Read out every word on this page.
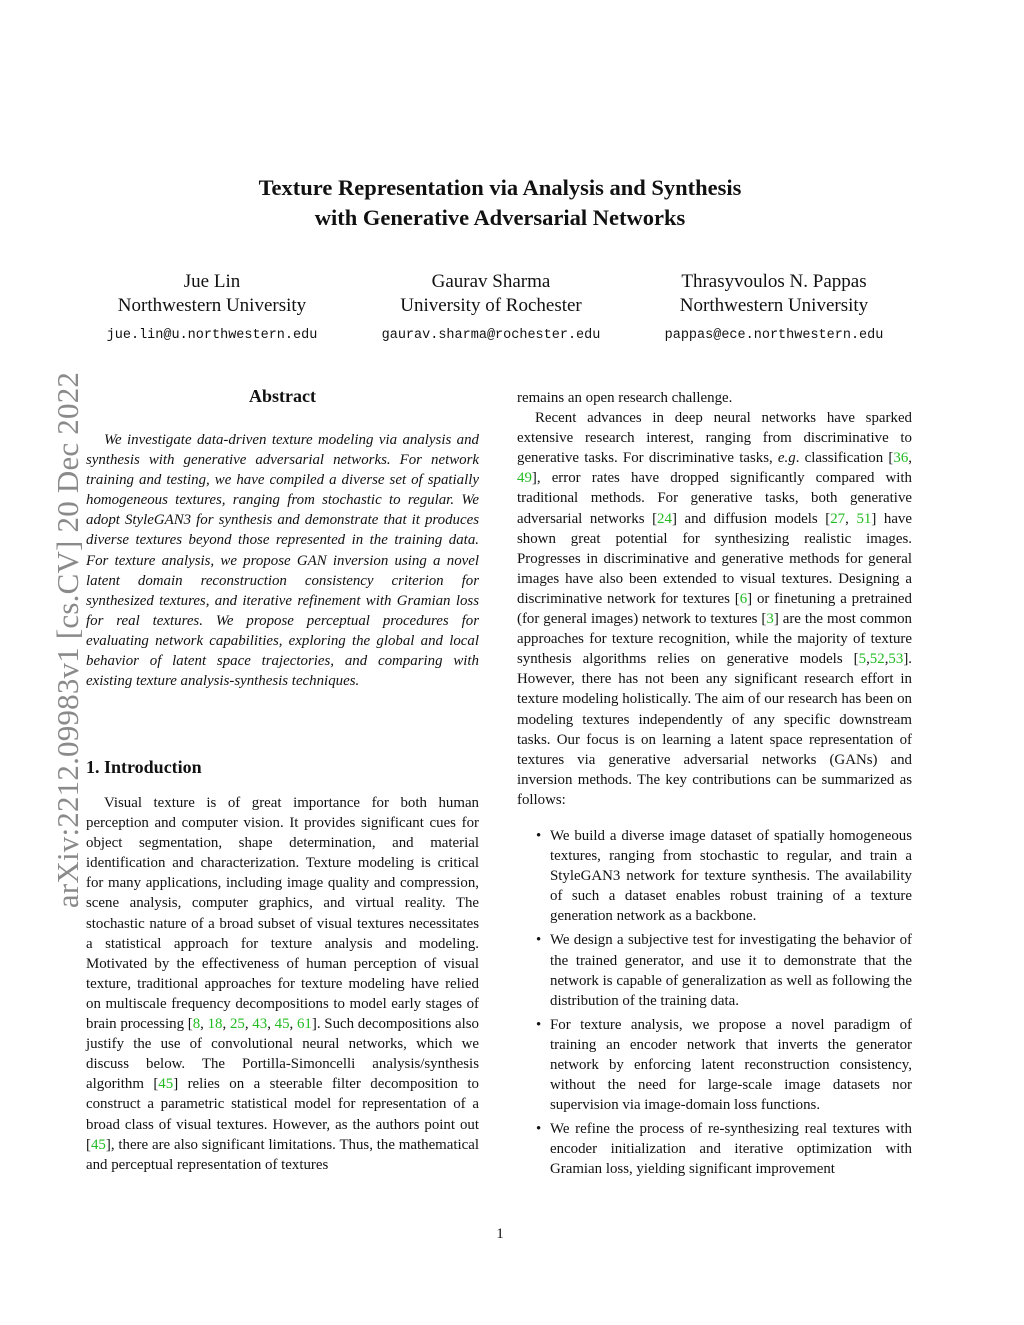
arXiv:2212.09983v1 [cs.CV] 20 Dec 2022
Texture Representation via Analysis and Synthesis
with Generative Adversarial Networks
Jue Lin
Northwestern University
jue.lin@u.northwestern.edu
Gaurav Sharma
University of Rochester
gaurav.sharma@rochester.edu
Thrasyvoulos N. Pappas
Northwestern University
pappas@ece.northwestern.edu
Abstract

We investigate data-driven texture modeling via analysis and synthesis with generative adversarial networks. For network training and testing, we have compiled a diverse set of spatially homogeneous textures, ranging from stochastic to regular. We adopt StyleGAN3 for synthesis and demonstrate that it produces diverse textures beyond those represented in the training data. For texture analysis, we propose GAN inversion using a novel latent domain reconstruction consistency criterion for synthesized textures, and iterative refinement with Gramian loss for real textures. We propose perceptual procedures for evaluating network capabilities, exploring the global and local behavior of latent space trajectories, and comparing with existing texture analysis-synthesis techniques.

1. Introduction

Visual texture is of great importance for both human perception and computer vision. It provides significant cues for object segmentation, shape determination, and material identification and characterization. Texture modeling is critical for many applications, including image quality and compression, scene analysis, computer graphics, and virtual reality. The stochastic nature of a broad subset of visual textures necessitates a statistical approach for texture analysis and modeling. Motivated by the effectiveness of human perception of visual texture, traditional approaches for texture modeling have relied on multiscale frequency decompositions to model early stages of brain processing [8, 18, 25, 43, 45, 61]. Such decompositions also justify the use of convolutional neural networks, which we discuss below. The Portilla-Simoncelli analysis/synthesis algorithm [45] relies on a steerable filter decomposition to construct a parametric statistical model for representation of a broad class of visual textures. However, as the authors point out [45], there are also significant limitations. Thus, the mathematical and perceptual representation of textures

remains an open research challenge.

Recent advances in deep neural networks have sparked extensive research interest, ranging from discriminative to generative tasks. For discriminative tasks, e.g. classification [36, 49], error rates have dropped significantly compared with traditional methods. For generative tasks, both generative adversarial networks [24] and diffusion models [27, 51] have shown great potential for synthesizing realistic images. Progresses in discriminative and generative methods for general images have also been extended to visual textures. Designing a discriminative network for textures [6] or finetuning a pretrained (for general images) network to textures [3] are the most common approaches for texture recognition, while the majority of texture synthesis algorithms relies on generative models [5,52,53]. However, there has not been any significant research effort in texture modeling holistically. The aim of our research has been on modeling textures independently of any specific downstream tasks. Our focus is on learning a latent space representation of textures via generative adversarial networks (GANs) and inversion methods. The key contributions can be summarized as follows:

• We build a diverse image dataset of spatially homogeneous textures, ranging from stochastic to regular, and train a StyleGAN3 network for texture synthesis. The availability of such a dataset enables robust training of a texture generation network as a backbone.
• We design a subjective test for investigating the behavior of the trained generator, and use it to demonstrate that the network is capable of generalization as well as following the distribution of the training data.
• For texture analysis, we propose a novel paradigm of training an encoder network that inverts the generator network by enforcing latent reconstruction consistency, without the need for large-scale image datasets nor supervision via image-domain loss functions.
• We refine the process of re-synthesizing real textures with encoder initialization and iterative optimization with Gramian loss, yielding significant improvement
1
